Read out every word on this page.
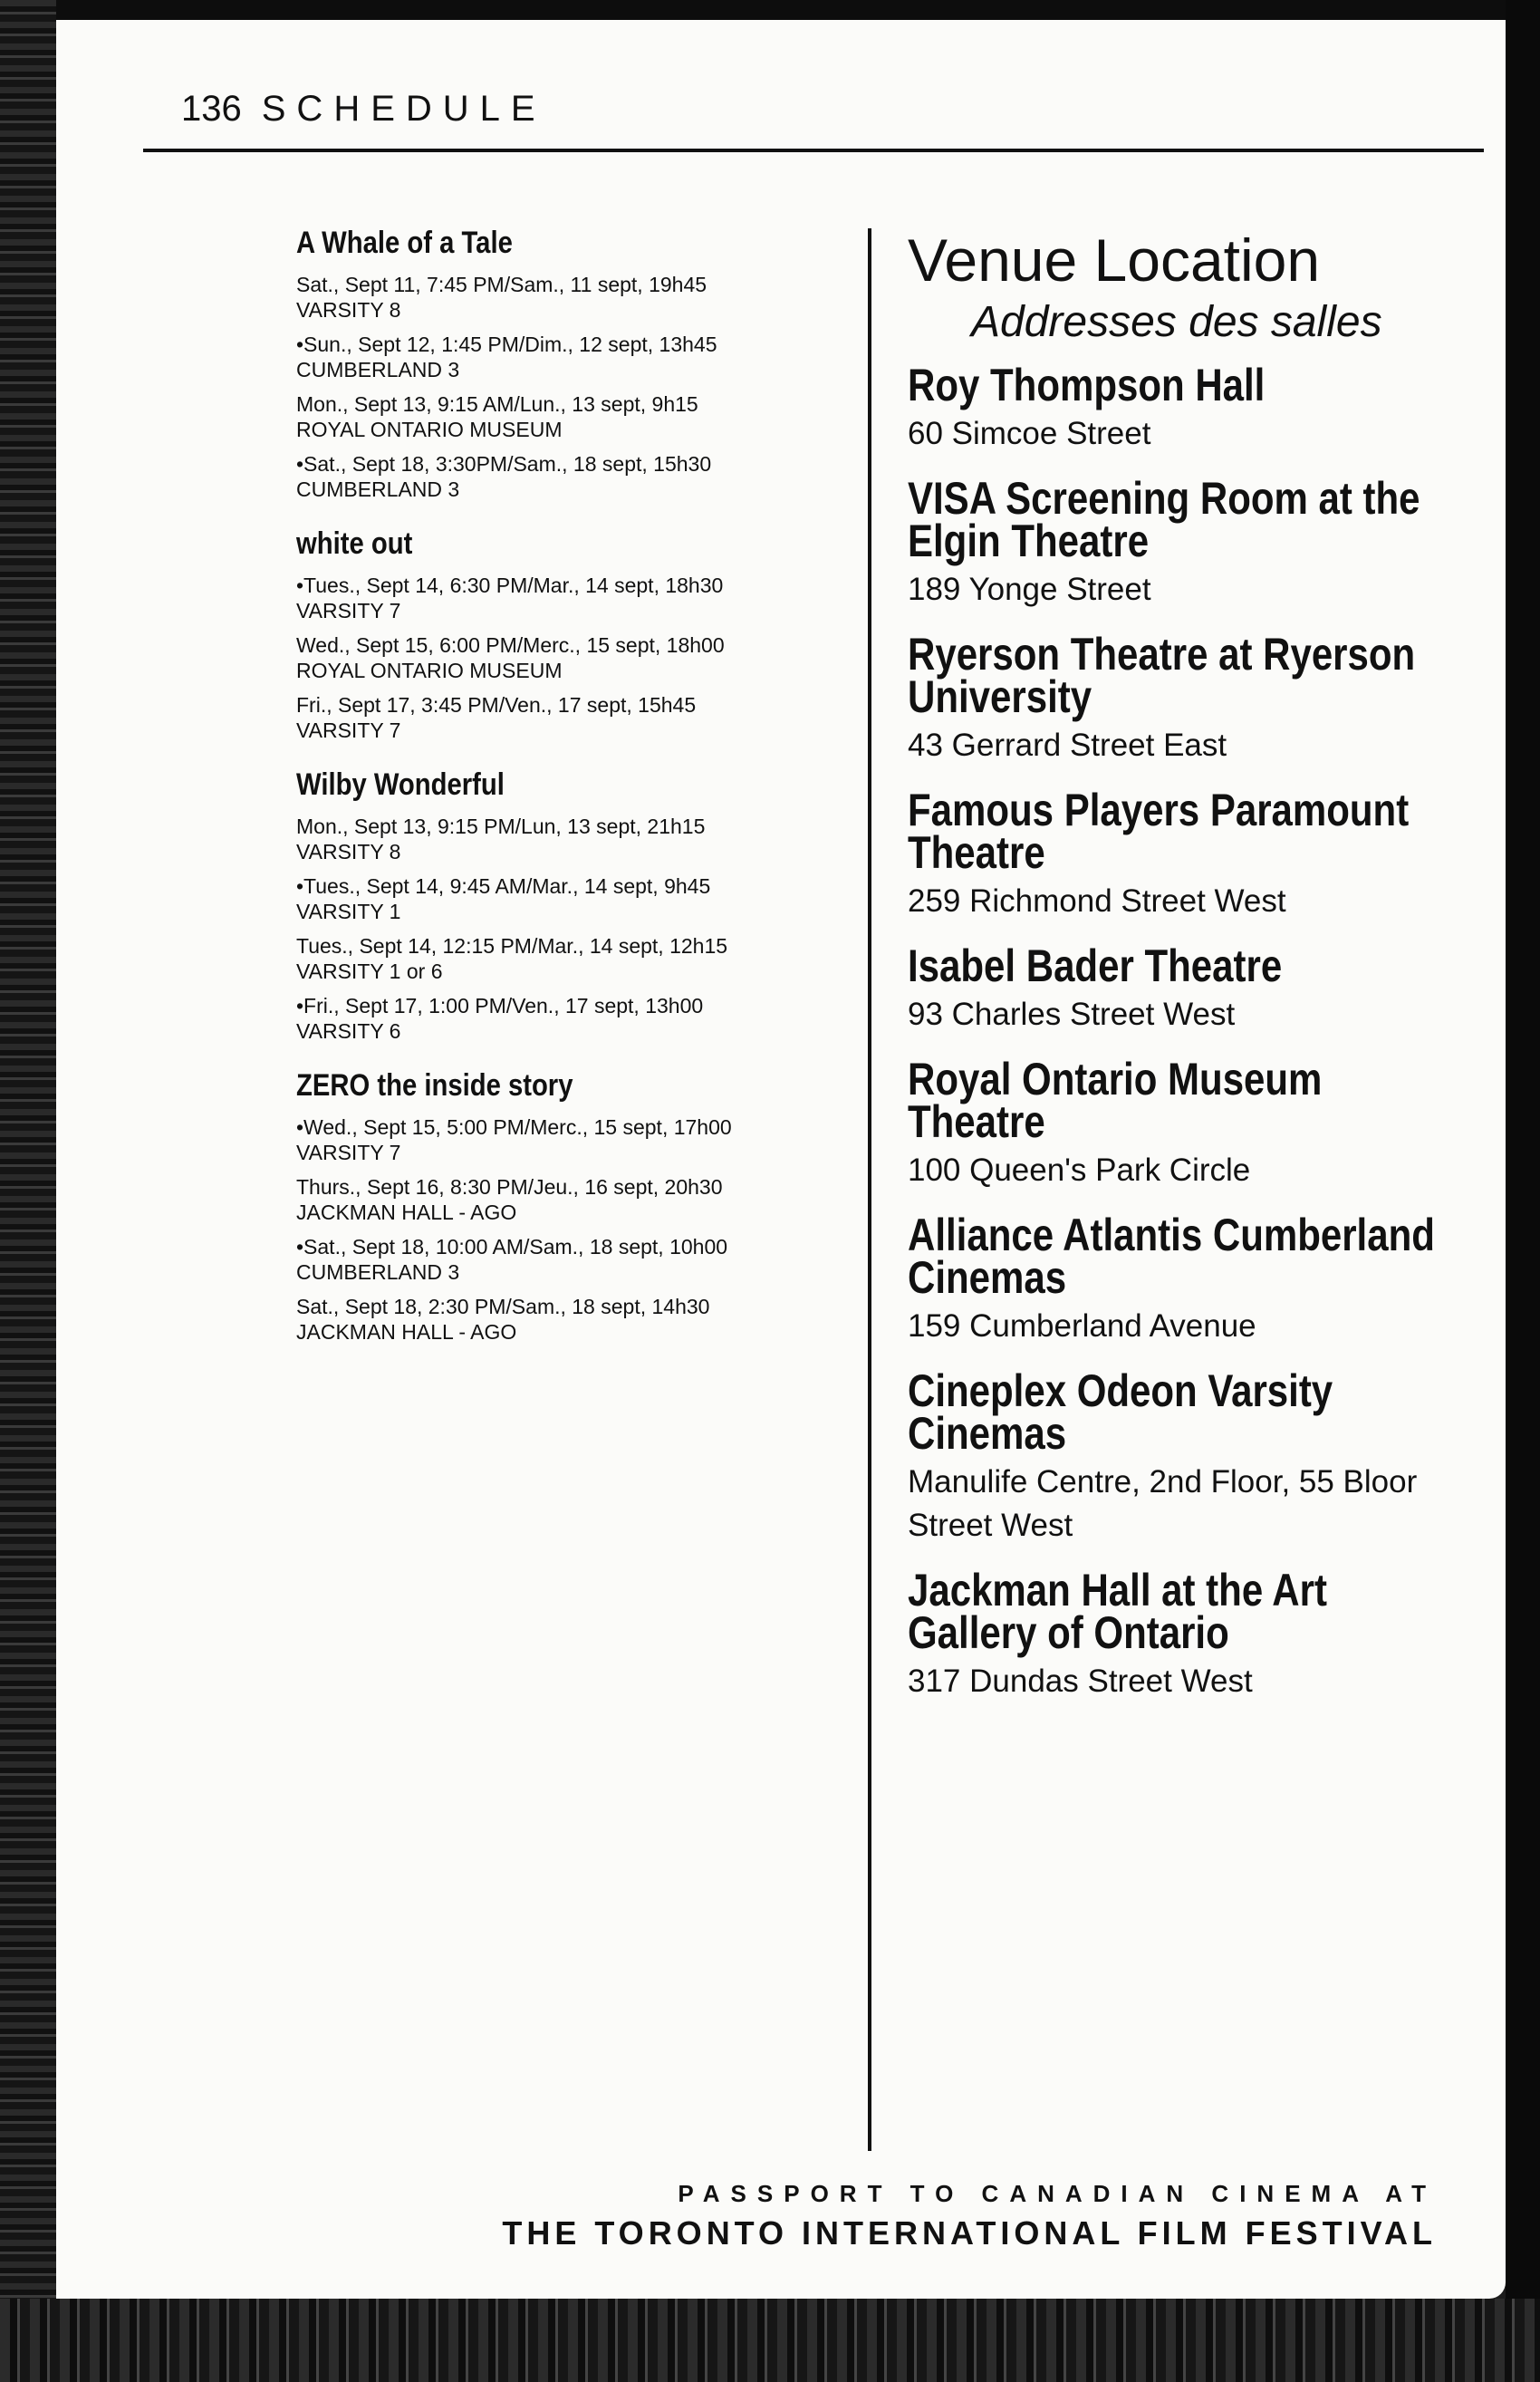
136 SCHEDULE
A Whale of a Tale
Sat., Sept 11, 7:45 PM/Sam., 11 sept, 19h45
VARSITY 8
•Sun., Sept 12, 1:45 PM/Dim., 12 sept, 13h45
CUMBERLAND 3
Mon., Sept 13, 9:15 AM/Lun., 13 sept, 9h15
ROYAL ONTARIO MUSEUM
•Sat., Sept 18, 3:30PM/Sam., 18 sept, 15h30
CUMBERLAND 3
white out
•Tues., Sept 14, 6:30 PM/Mar., 14 sept, 18h30
VARSITY 7
Wed., Sept 15, 6:00 PM/Merc., 15 sept, 18h00
ROYAL ONTARIO MUSEUM
Fri., Sept 17, 3:45 PM/Ven., 17 sept, 15h45
VARSITY 7
Wilby Wonderful
Mon., Sept 13, 9:15 PM/Lun, 13 sept, 21h15
VARSITY 8
•Tues., Sept 14, 9:45 AM/Mar., 14 sept, 9h45
VARSITY 1
Tues., Sept 14, 12:15 PM/Mar., 14 sept, 12h15
VARSITY 1 or 6
•Fri., Sept 17, 1:00 PM/Ven., 17 sept, 13h00
VARSITY 6
ZERO the inside story
•Wed., Sept 15, 5:00 PM/Merc., 15 sept, 17h00
VARSITY 7
Thurs., Sept 16, 8:30 PM/Jeu., 16 sept, 20h30
JACKMAN HALL - AGO
•Sat., Sept 18, 10:00 AM/Sam., 18 sept, 10h00
CUMBERLAND 3
Sat., Sept 18, 2:30 PM/Sam., 18 sept, 14h30
JACKMAN HALL - AGO
Venue Location
Addresses des salles
Roy Thompson Hall
60 Simcoe Street
VISA Screening Room at the Elgin Theatre
189 Yonge Street
Ryerson Theatre at Ryerson University
43 Gerrard Street East
Famous Players Paramount Theatre
259 Richmond Street West
Isabel Bader Theatre
93 Charles Street West
Royal Ontario Museum Theatre
100 Queen's Park Circle
Alliance Atlantis Cumberland Cinemas
159 Cumberland Avenue
Cineplex Odeon Varsity Cinemas
Manulife Centre, 2nd Floor, 55 Bloor Street West
Jackman Hall at the Art Gallery of Ontario
317 Dundas Street West
PASSPORT TO CANADIAN CINEMA AT
THE TORONTO INTERNATIONAL FILM FESTIVAL
